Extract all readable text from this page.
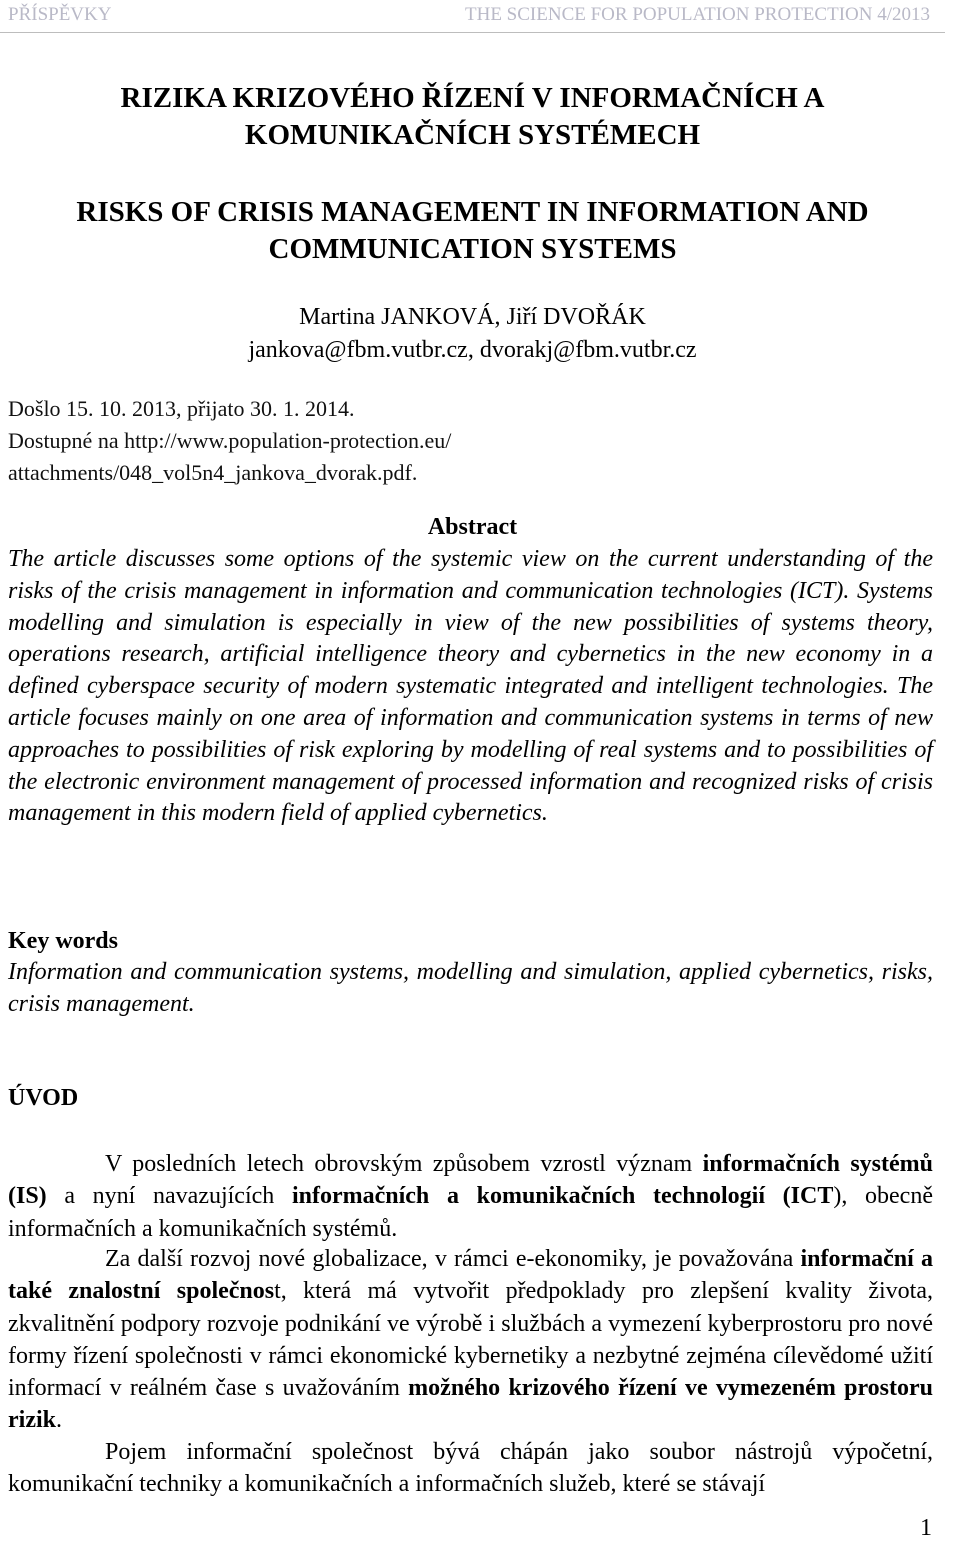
PŘÍSPĚVKY	THE SCIENCE FOR POPULATION PROTECTION 4/2013
RIZIKA KRIZOVÉHO ŘÍZENÍ V INFORMAČNÍCH A
KOMUNIKAČNÍCH SYSTÉMECH
RISKS OF CRISIS MANAGEMENT IN INFORMATION AND
COMMUNICATION SYSTEMS
Martina JANKOVÁ, Jiří DVOŘÁK
jankova@fbm.vutbr.cz, dvorakj@fbm.vutbr.cz
Došlo 15. 10. 2013, přijato 30. 1. 2014.
Dostupné na http://www.population-protection.eu/
attachments/048_vol5n4_jankova_dvorak.pdf.
Abstract
The article discusses some options of the systemic view on the current understanding of the risks of the crisis management in information and communication technologies (ICT). Systems modelling and simulation is especially in view of the new possibilities of systems theory, operations research, artificial intelligence theory and cybernetics in the new economy in a defined cyberspace security of modern systematic integrated and intelligent technologies. The article focuses mainly on one area of information and communication systems in terms of new approaches to possibilities of risk exploring by modelling of real systems and to possibilities of the electronic environment management of processed information and recognized risks of crisis management in this modern field of applied cybernetics.
Key words
Information and communication systems, modelling and simulation, applied cybernetics, risks, crisis management.
ÚVOD
V posledních letech obrovským způsobem vzrostl význam informačních systémů (IS) a nyní navazujících informačních a komunikačních technologií (ICT), obecně informačních a komunikačních systémů.
Za další rozvoj nové globalizace, v rámci e-ekonomiky, je považována informační a také znalostní společnost, která má vytvořit předpoklady pro zlepšení kvality života, zkvalitnění podpory rozvoje podnikání ve výrobě i službách a vymezení kyberprostoru pro nové formy řízení společnosti v rámci ekonomické kybernetiky a nezbytné zejména cílevědomé užití informací v reálném čase s uvažováním možného krizového řízení ve vymezeném prostoru rizik.
Pojem informační společnost bývá chápán jako soubor nástrojů výpočetní, komunikační techniky a komunikačních a informačních služeb, které se stávají
1
